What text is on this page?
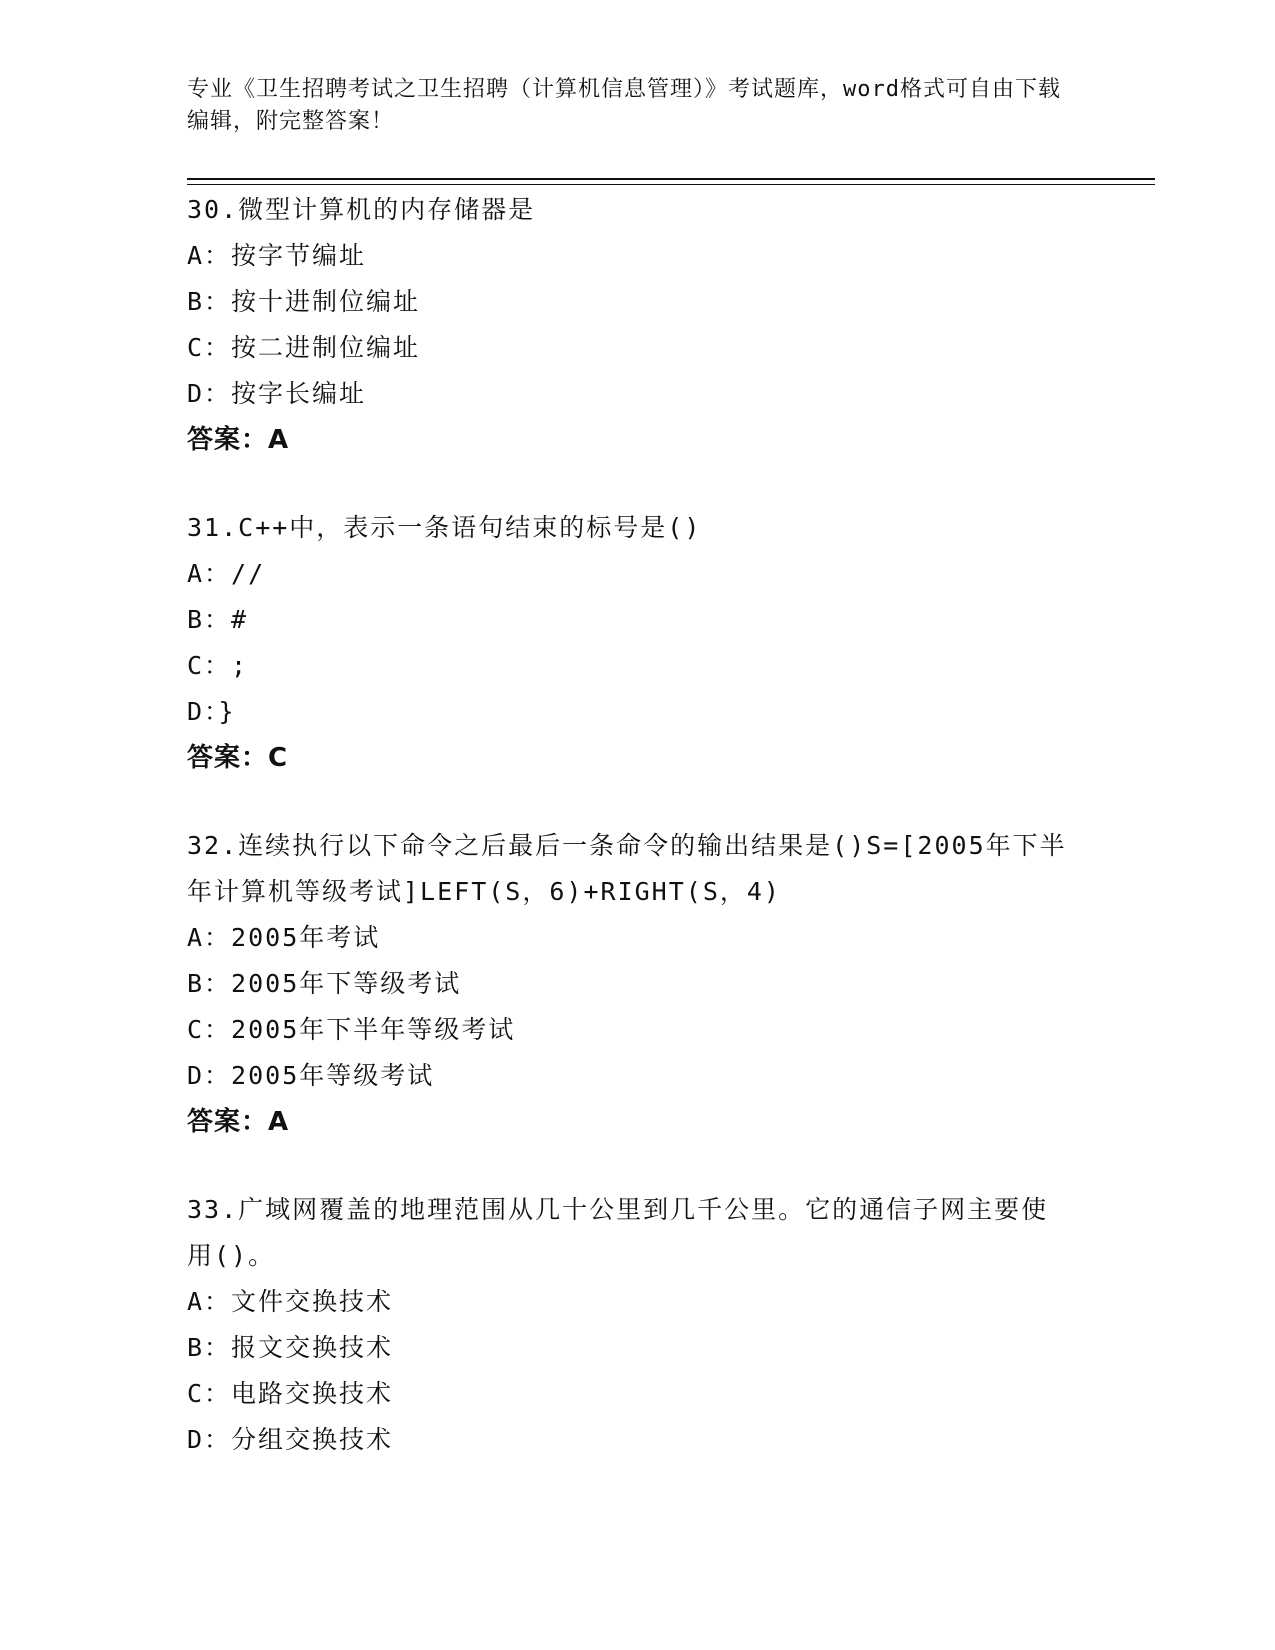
专业《卫生招聘考试之卫生招聘（计算机信息管理）》考试题库，word格式可自由下载编辑，附完整答案！
30.微型计算机的内存储器是
A：按字节编址
B：按十进制位编址
C：按二进制位编址
D：按字长编址
答案：A
31.C++中，表示一条语句结束的标号是()
A：//
B：#
C：;
D：}
答案：C
32.连续执行以下命令之后最后一条命令的输出结果是()S=[2005年下半年计算机等级考试]LEFT(S，6)+RIGHT(S，4)
A：2005年考试
B：2005年下等级考试
C：2005年下半年等级考试
D：2005年等级考试
答案：A
33.广域网覆盖的地理范围从几十公里到几千公里。它的通信子网主要使用()。
A：文件交换技术
B：报文交换技术
C：电路交换技术
D：分组交换技术
